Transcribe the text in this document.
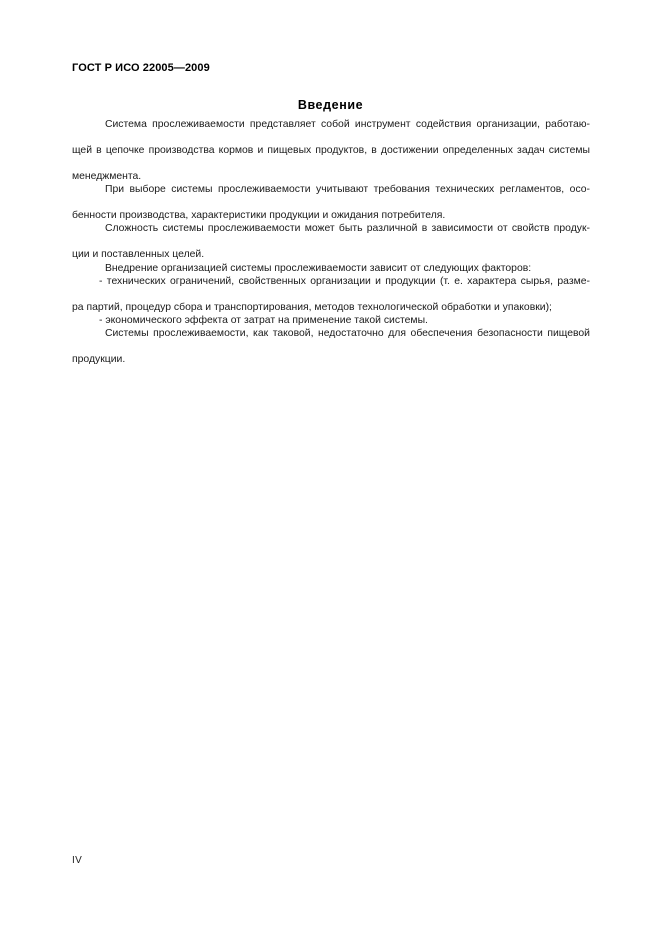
ГОСТ Р ИСО 22005—2009
Введение

Система прослеживаемости представляет собой инструмент содействия организации, работаю-
щей в цепочке производства кормов и пищевых продуктов, в достижении определенных задач системы
менеджмента.

При выборе системы прослеживаемости учитывают требования технических регламентов, осо-
бенности производства, характеристики продукции и ожидания потребителя.

Сложность системы прослеживаемости может быть различной в зависимости от свойств продук-
ции и поставленных целей.

Внедрение организацией системы прослеживаемости зависит от следующих факторов:

- технических ограничений, свойственных организации и продукции (т. е. характера сырья, разме-
ра партий, процедур сбора и транспортирования, методов технологической обработки и упаковки);

- экономического эффекта от затрат на применение такой системы.

Системы прослеживаемости, как таковой, недостаточно для обеспечения безопасности пищевой
продукции.

IV
